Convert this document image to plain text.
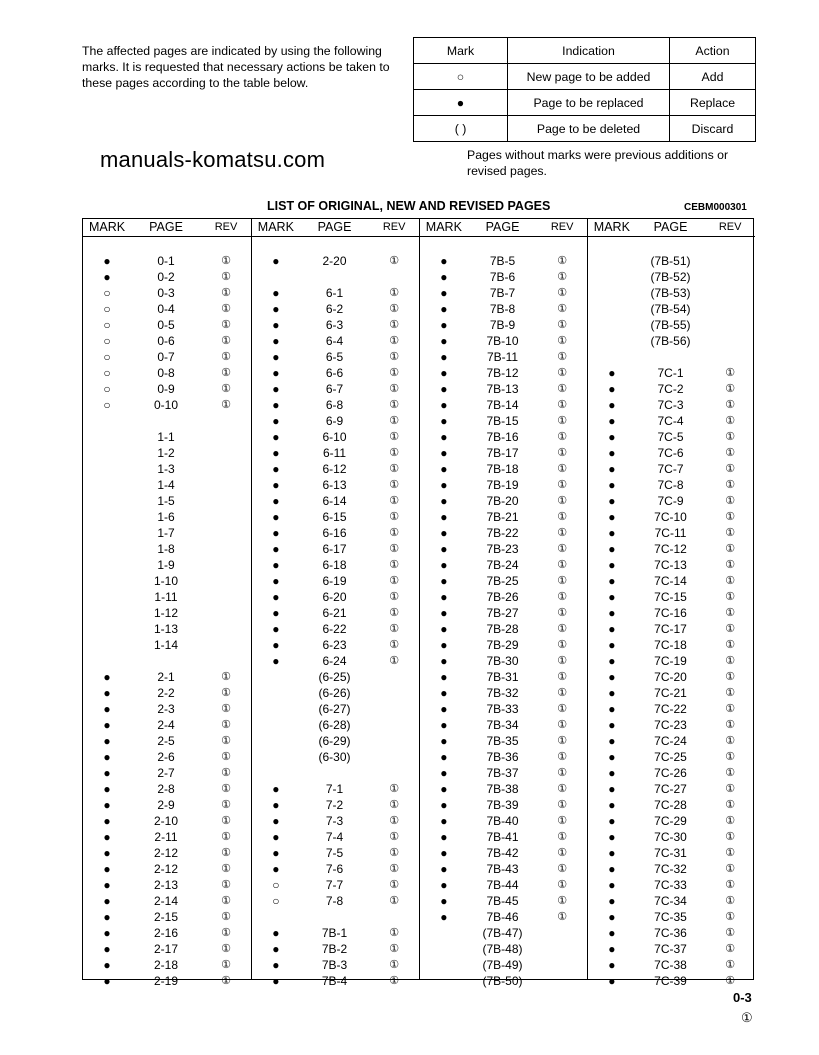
The affected pages are indicated by using the following marks. It is requested that necessary actions be taken to these pages according to the table below.
Mark	Indication	Action
○	New page to be added	Add
●	Page to be replaced	Replace
( )	Page to be deleted	Discard
Pages without marks were previous additions or revised pages.
manuals-komatsu.com
LIST OF ORIGINAL, NEW AND REVISED PAGES	CEBM000301
MARK	PAGE	REV
●	0-1	①
●	0-2	①
○	0-3	①
○	0-4	①
○	0-5	①
○	0-6	①
○	0-7	①
○	0-8	①
○	0-9	①
○	0-10	①
1-1
1-2
1-3
1-4
1-5
1-6
1-7
1-8
1-9
1-10
1-11
1-12
1-13
1-14
●	2-1	①
●	2-2	①
●	2-3	①
●	2-4	①
●	2-5	①
●	2-6	①
●	2-7	①
●	2-8	①
●	2-9	①
●	2-10	①
●	2-11	①
●	2-12	①
●	2-12	①
●	2-13	①
●	2-14	①
●	2-15	①
●	2-16	①
●	2-17	①
●	2-18	①
●	2-19	①
MARK	PAGE	REV
●	2-20	①
●	6-1	①
●	6-2	①
●	6-3	①
●	6-4	①
●	6-5	①
●	6-6	①
●	6-7	①
●	6-8	①
●	6-9	①
●	6-10	①
●	6-11	①
●	6-12	①
●	6-13	①
●	6-14	①
●	6-15	①
●	6-16	①
●	6-17	①
●	6-18	①
●	6-19	①
●	6-20	①
●	6-21	①
●	6-22	①
●	6-23	①
●	6-24	①
(6-25)
(6-26)
(6-27)
(6-28)
(6-29)
(6-30)
●	7-1	①
●	7-2	①
●	7-3	①
●	7-4	①
●	7-5	①
●	7-6	①
○	7-7	①
○	7-8	①
●	7B-1	①
●	7B-2	①
●	7B-3	①
●	7B-4	①
MARK	PAGE	REV
●	7B-5	①
●	7B-6	①
●	7B-7	①
●	7B-8	①
●	7B-9	①
●	7B-10	①
●	7B-11	①
●	7B-12	①
●	7B-13	①
●	7B-14	①
●	7B-15	①
●	7B-16	①
●	7B-17	①
●	7B-18	①
●	7B-19	①
●	7B-20	①
●	7B-21	①
●	7B-22	①
●	7B-23	①
●	7B-24	①
●	7B-25	①
●	7B-26	①
●	7B-27	①
●	7B-28	①
●	7B-29	①
●	7B-30	①
●	7B-31	①
●	7B-32	①
●	7B-33	①
●	7B-34	①
●	7B-35	①
●	7B-36	①
●	7B-37	①
●	7B-38	①
●	7B-39	①
●	7B-40	①
●	7B-41	①
●	7B-42	①
●	7B-43	①
●	7B-44	①
●	7B-45	①
●	7B-46	①
(7B-47)
(7B-48)
(7B-49)
(7B-50)
MARK	PAGE	REV
(7B-51)
(7B-52)
(7B-53)
(7B-54)
(7B-55)
(7B-56)
●	7C-1	①
●	7C-2	①
●	7C-3	①
●	7C-4	①
●	7C-5	①
●	7C-6	①
●	7C-7	①
●	7C-8	①
●	7C-9	①
●	7C-10	①
●	7C-11	①
●	7C-12	①
●	7C-13	①
●	7C-14	①
●	7C-15	①
●	7C-16	①
●	7C-17	①
●	7C-18	①
●	7C-19	①
●	7C-20	①
●	7C-21	①
●	7C-22	①
●	7C-23	①
●	7C-24	①
●	7C-25	①
●	7C-26	①
●	7C-27	①
●	7C-28	①
●	7C-29	①
●	7C-30	①
●	7C-31	①
●	7C-32	①
●	7C-33	①
●	7C-34	①
●	7C-35	①
●	7C-36	①
●	7C-37	①
●	7C-38	①
●	7C-39	①
0-3
①
